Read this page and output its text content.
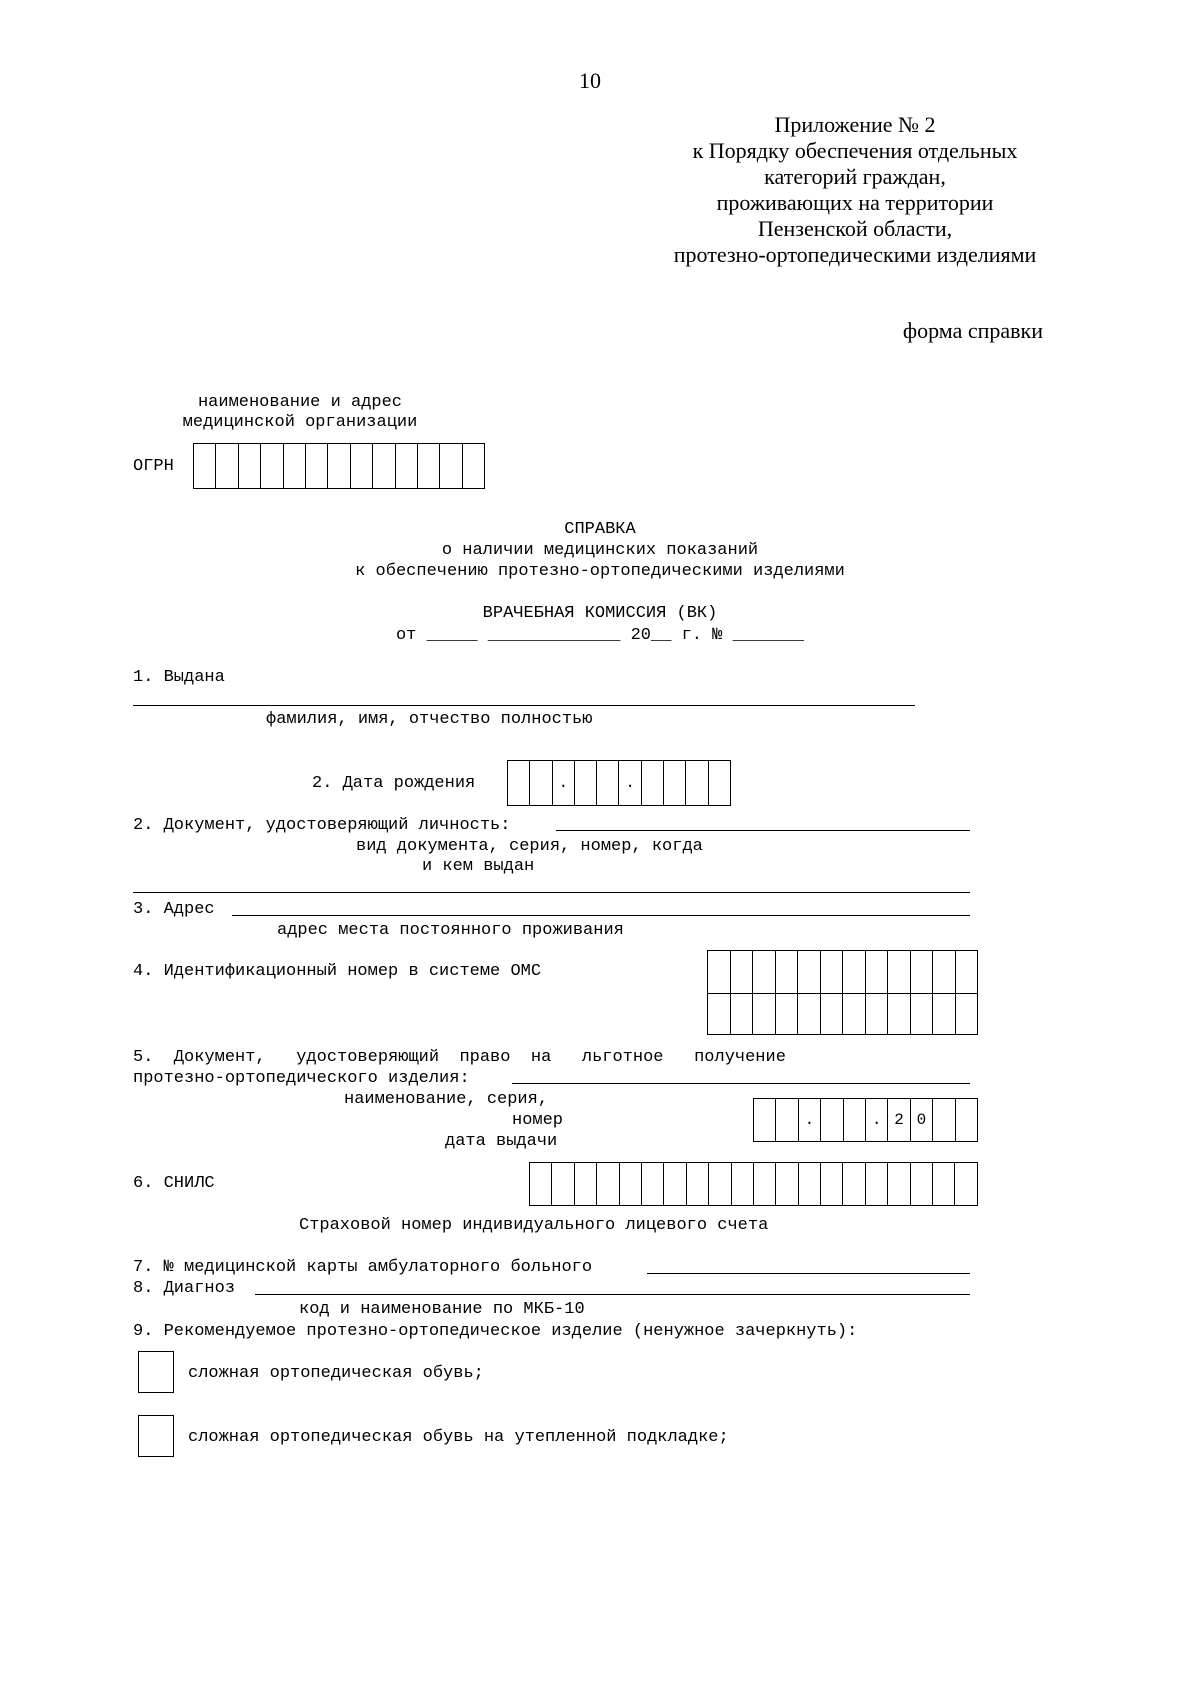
10
Приложение № 2
к Порядку обеспечения отдельных
категорий граждан,
проживающих на территории
Пензенской области,
протезно-ортопедическими изделиями
форма справки
наименование и адрес
медицинской организации
ОГРН
СПРАВКА
о наличии медицинских показаний
к обеспечению протезно-ортопедическими изделиями
ВРАЧЕБНАЯ КОМИССИЯ (ВК)
от _____ _____________ 20__ г. № _______
1. Выдана
фамилия, имя, отчество полностью
2. Дата рождения	.	.
2. Документ, удостоверяющий личность:
вид документа, серия, номер, когда
и кем выдан
3. Адрес
адрес места постоянного проживания
4. Идентификационный номер в системе ОМС
5.  Документ,   удостоверяющий  право  на   льготное   получение
протезно-ортопедического изделия:
наименование, серия,
номер
дата выдачи
.	. 2 0
6. СНИЛС
Страховой номер индивидуального лицевого счета
7. № медицинской карты амбулаторного больного
8. Диагноз
код и наименование по МКБ-10
9. Рекомендуемое протезно-ортопедическое изделие (ненужное зачеркнуть):
сложная ортопедическая обувь;
сложная ортопедическая обувь на утепленной подкладке;
